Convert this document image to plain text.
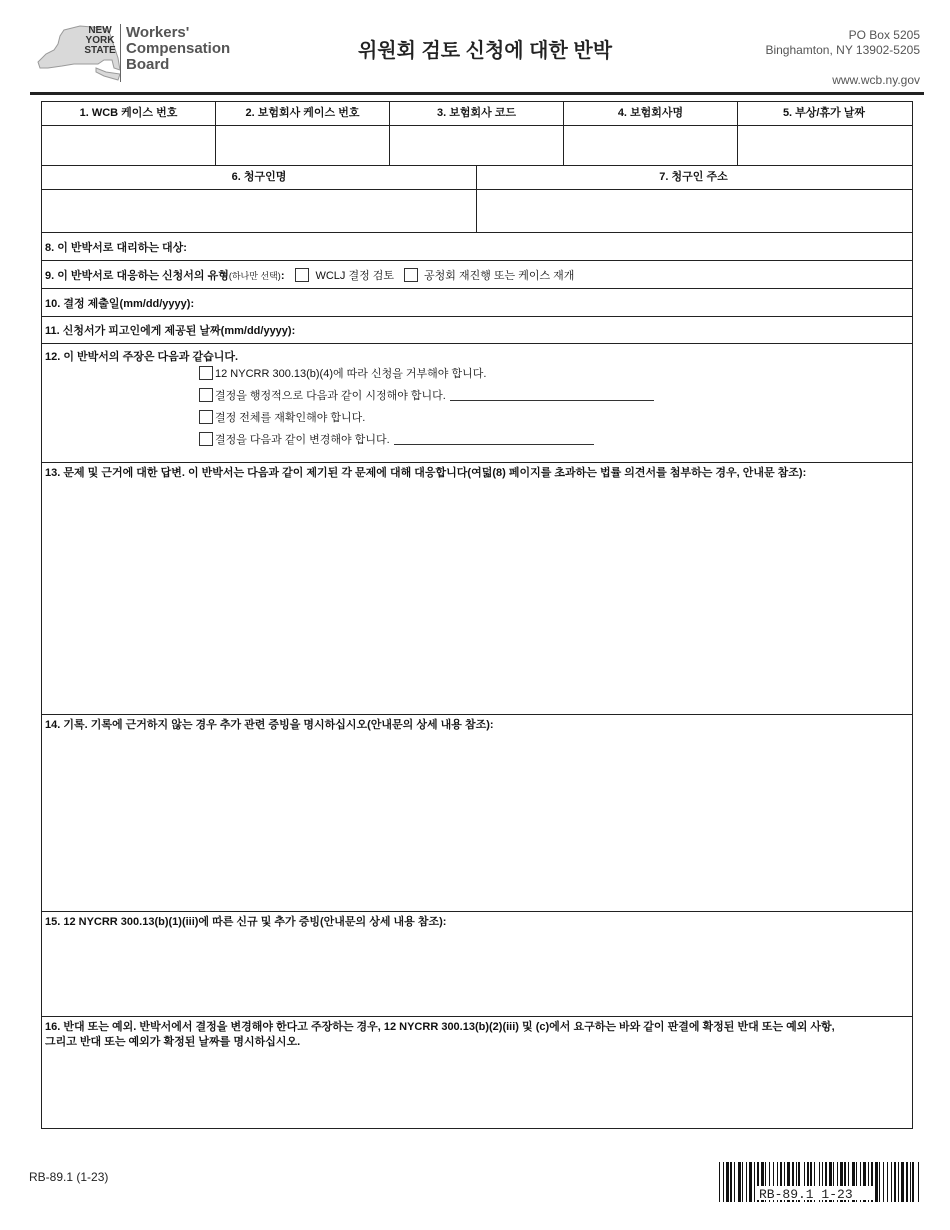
NEW
YORK
STATE
Workers'
Compensation
Board
위원회 검토 신청에 대한 반박
PO Box 5205
Binghamton, NY 13902-5205
www.wcb.ny.gov
1. WCB 케이스 번호	2. 보험회사 케이스 번호	3. 보험회사 코드	4. 보험회사명	5. 부상/휴가 날짜
6. 청구인명	7. 청구인 주소
8. 이 반박서로 대리하는 대상:
9. 이 반박서로 대응하는 신청서의 유형(하나만 선택):	WCLJ 결정 검토	공청회 재진행 또는 케이스 재개
10. 결정 제출일(mm/dd/yyyy):
11. 신청서가 피고인에게 제공된 날짜(mm/dd/yyyy):
12. 이 반박서의 주장은 다음과 같습니다.
12 NYCRR 300.13(b)(4)에 따라 신청을 거부해야 합니다.
결정을 행정적으로 다음과 같이 시정해야 합니다.
결정 전체를 재확인해야 합니다.
결정을 다음과 같이 변경해야 합니다.
13. 문제 및 근거에 대한 답변. 이 반박서는 다음과 같이 제기된 각 문제에 대해 대응합니다(여덟(8) 페이지를 초과하는 법률 의견서를 첨부하는 경우, 안내문 참조):
14. 기록. 기록에 근거하지 않는 경우 추가 관련 증빙을 명시하십시오(안내문의 상세 내용 참조):
15. 12 NYCRR 300.13(b)(1)(iii)에 따른 신규 및 추가 증빙(안내문의 상세 내용 참조):
16. 반대 또는 예외. 반박서에서 결정을 변경해야 한다고 주장하는 경우, 12 NYCRR 300.13(b)(2)(iii) 및 (c)에서 요구하는 바와 같이 판결에 확정된 반대 또는 예외 사항,
그리고 반대 또는 예외가 확정된 날짜를 명시하십시오.
RB-89.1 (1-23)
RB-89.1 1-23
